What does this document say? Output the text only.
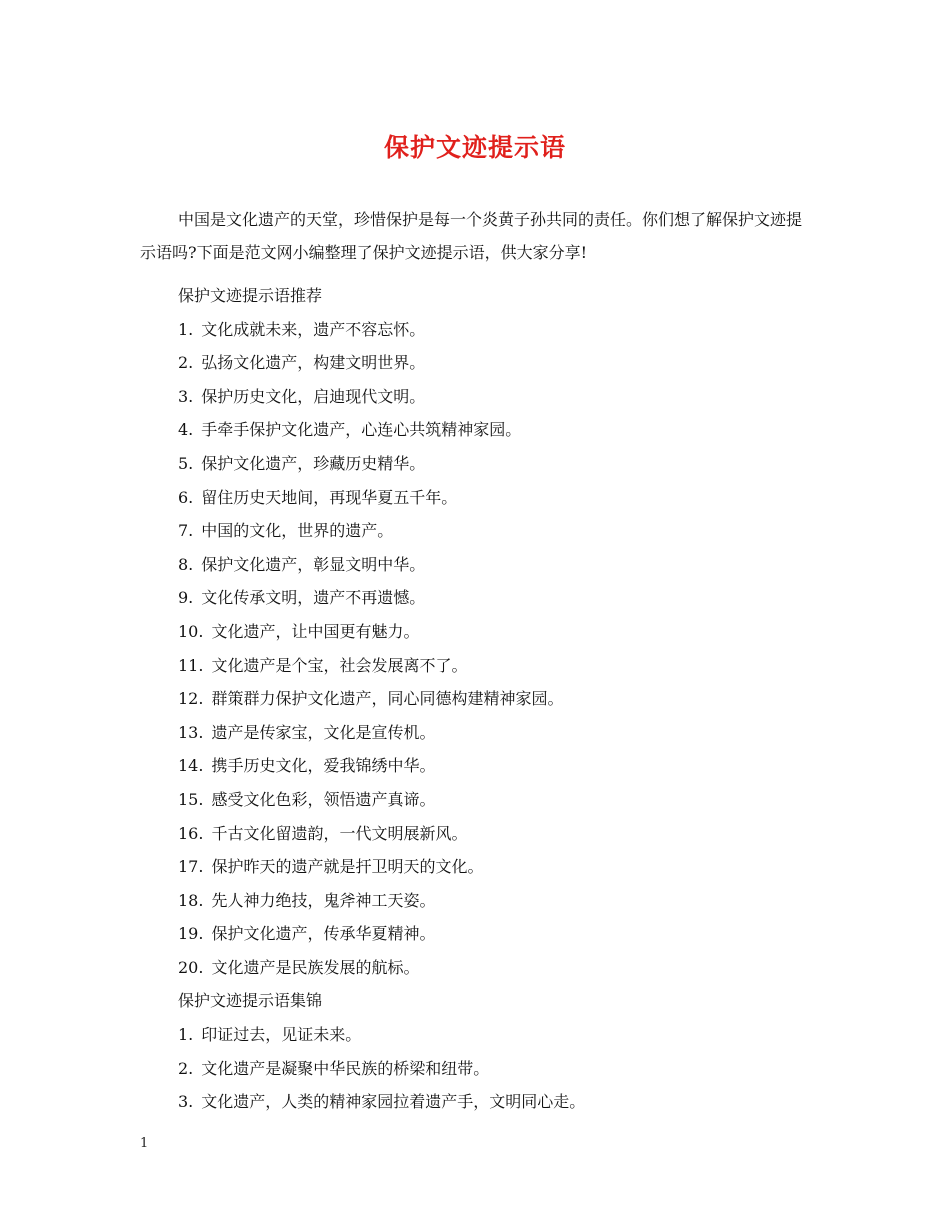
保护文迹提示语
中国是文化遗产的天堂，珍惜保护是每一个炎黄子孙共同的责任。你们想了解保护文迹提示语吗?下面是范文网小编整理了保护文迹提示语，供大家分享!
保护文迹提示语推荐
1. 文化成就未来，遗产不容忘怀。
2. 弘扬文化遗产，构建文明世界。
3. 保护历史文化，启迪现代文明。
4. 手牵手保护文化遗产，心连心共筑精神家园。
5. 保护文化遗产，珍藏历史精华。
6. 留住历史天地间，再现华夏五千年。
7. 中国的文化，世界的遗产。
8. 保护文化遗产，彰显文明中华。
9. 文化传承文明，遗产不再遗憾。
10. 文化遗产，让中国更有魅力。
11. 文化遗产是个宝，社会发展离不了。
12. 群策群力保护文化遗产，同心同德构建精神家园。
13. 遗产是传家宝，文化是宣传机。
14. 携手历史文化，爱我锦绣中华。
15. 感受文化色彩，领悟遗产真谛。
16. 千古文化留遗韵，一代文明展新风。
17. 保护昨天的遗产就是扞卫明天的文化。
18. 先人神力绝技，鬼斧神工天姿。
19. 保护文化遗产，传承华夏精神。
20. 文化遗产是民族发展的航标。
保护文迹提示语集锦
1. 印证过去，见证未来。
2. 文化遗产是凝聚中华民族的桥梁和纽带。
3. 文化遗产，人类的精神家园拉着遗产手，文明同心走。
1
